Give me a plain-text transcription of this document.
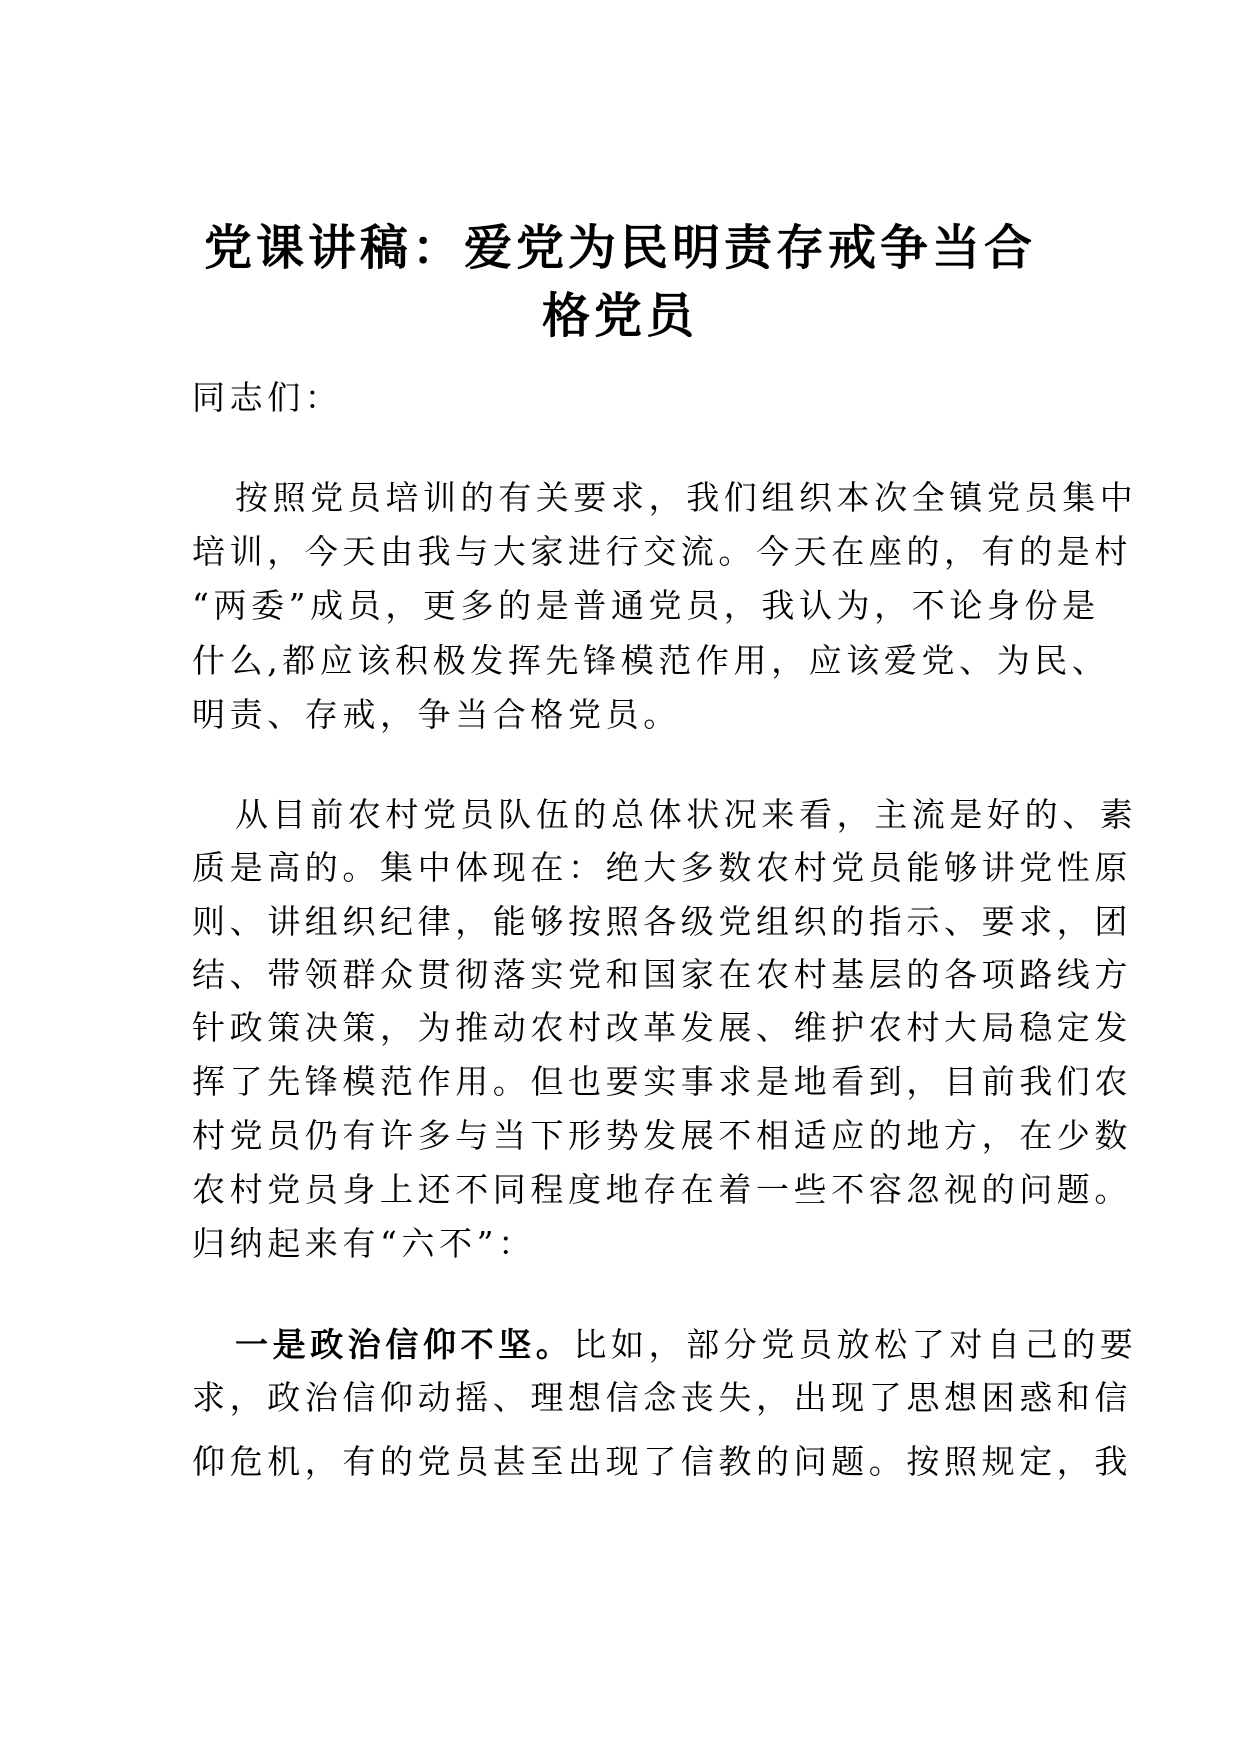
党课讲稿：爱党为民明责存戒争当合
格党员
同志们：
按照党员培训的有关要求，我们组织本次全镇党员集中
培训，今天由我与大家进行交流。今天在座的，有的是村
“两委”成员，更多的是普通党员，我认为，不论身份是
什么,都应该积极发挥先锋模范作用，应该爱党、为民、
明责、存戒，争当合格党员。
从目前农村党员队伍的总体状况来看，主流是好的、素
质是高的。集中体现在：绝大多数农村党员能够讲党性原
则、讲组织纪律，能够按照各级党组织的指示、要求，团
结、带领群众贯彻落实党和国家在农村基层的各项路线方
针政策决策，为推动农村改革发展、维护农村大局稳定发
挥了先锋模范作用。但也要实事求是地看到，目前我们农
村党员仍有许多与当下形势发展不相适应的地方，在少数
农村党员身上还不同程度地存在着一些不容忽视的问题。
归纳起来有“六不”：
一是政治信仰不坚。比如，部分党员放松了对自己的要
求，政治信仰动摇、理想信念丧失，出现了思想困惑和信
仰危机，有的党员甚至出现了信教的问题。按照规定，我
